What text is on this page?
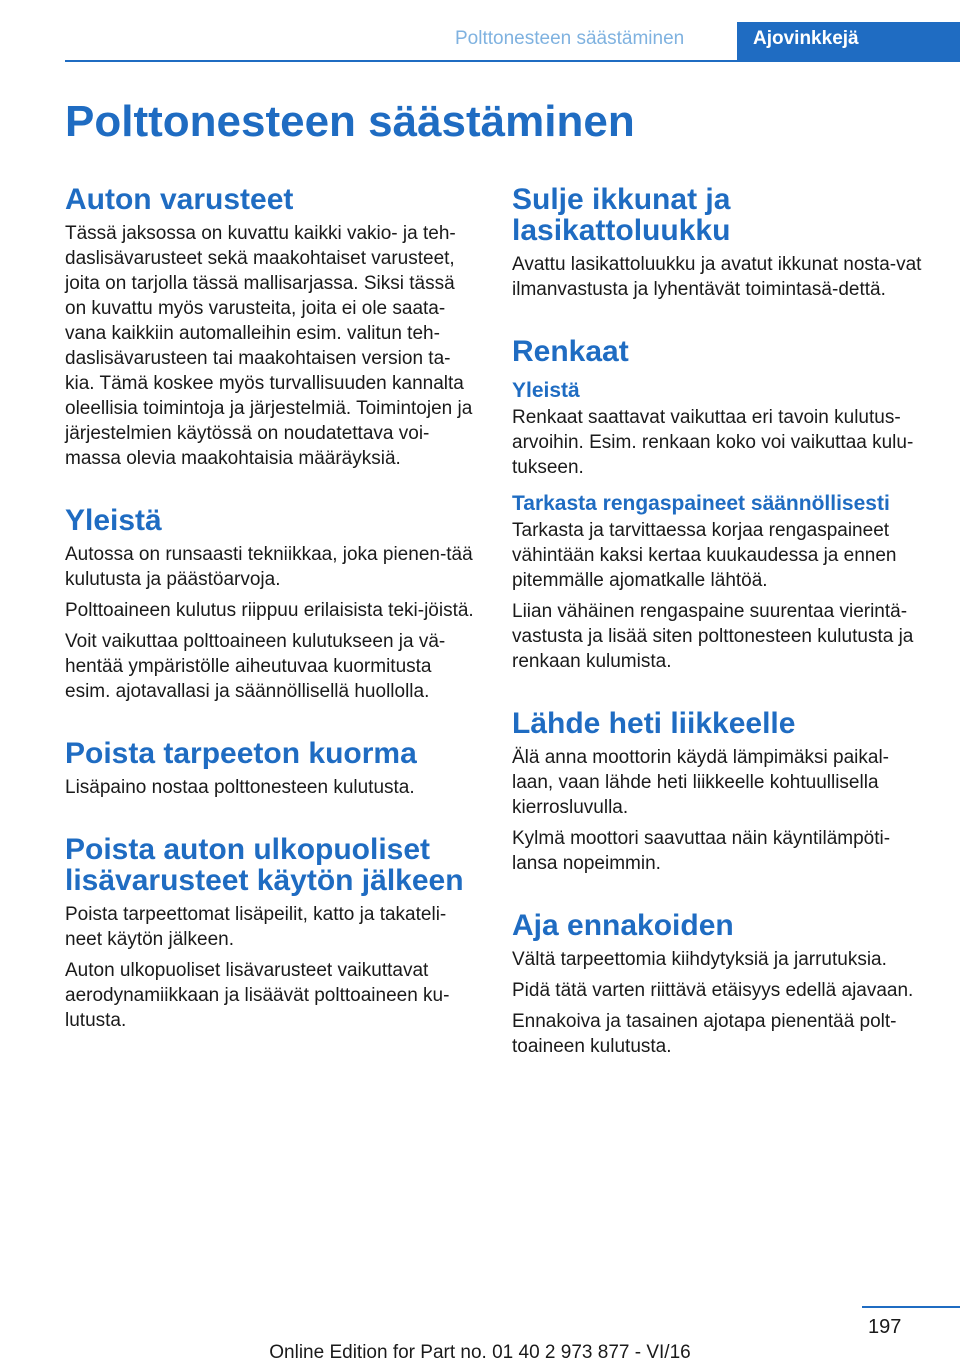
Polttonesteen säästäminen	Ajovinkkejä
Polttonesteen säästäminen
Auton varusteet

Tässä jaksossa on kuvattu kaikki vakio- ja teh-daslisävarusteet sekä maakohtaiset varusteet, joita on tarjolla tässä mallisarjassa. Siksi tässä on kuvattu myös varusteita, joita ei ole saata-vana kaikkiin automalleihin esim. valitun teh-daslisävarusteen tai maakohtaisen version ta-kia. Tämä koskee myös turvallisuuden kannalta oleellisia toimintoja ja järjestelmiä. Toimintojen ja järjestelmien käytössä on noudatettava voi-massa olevia maakohtaisia määräyksiä.

Yleistä

Autossa on runsaasti tekniikkaa, joka pienen-tää kulutusta ja päästöarvoja.

Polttoaineen kulutus riippuu erilaisista teki-jöistä.

Voit vaikuttaa polttoaineen kulutukseen ja vä-hentää ympäristölle aiheutuvaa kuormitusta esim. ajotavallasi ja säännöllisellä huollolla.

Poista tarpeeton kuorma

Lisäpaino nostaa polttonesteen kulutusta.

Poista auton ulkopuoliset lisävarusteet käytön jälkeen

Poista tarpeettomat lisäpeilit, katto ja takateli-neet käytön jälkeen.

Auton ulkopuoliset lisävarusteet vaikuttavat aerodynamiikkaan ja lisäävät polttoaineen ku-lutusta.

Sulje ikkunat ja lasikattoluukku

Avattu lasikattoluukku ja avatut ikkunat nosta-vat ilmanvastusta ja lyhentävät toimintasä-dettä.

Renkaat
Yleistä

Renkaat saattavat vaikuttaa eri tavoin kulutus-arvoihin. Esim. renkaan koko voi vaikuttaa kulu-tukseen.

Tarkasta rengaspaineet säännöllisesti

Tarkasta ja tarvittaessa korjaa rengaspaineet vähintään kaksi kertaa kuukaudessa ja ennen pitemmälle ajomatkalle lähtöä.

Liian vähäinen rengaspaine suurentaa vierintä-vastusta ja lisää siten polttonesteen kulutusta ja renkaan kulumista.

Lähde heti liikkeelle

Älä anna moottorin käydä lämpimäksi paikal-laan, vaan lähde heti liikkeelle kohtuullisella kierrosluvulla.

Kylmä moottori saavuttaa näin käyntilämpöti-lansa nopeimmin.

Aja ennakoiden

Vältä tarpeettomia kiihdytyksiä ja jarrutuksia.

Pidä tätä varten riittävä etäisyys edellä ajavaan.

Ennakoiva ja tasainen ajotapa pienentää polt-toaineen kulutusta.

197
Online Edition for Part no. 01 40 2 973 877 - VI/16
